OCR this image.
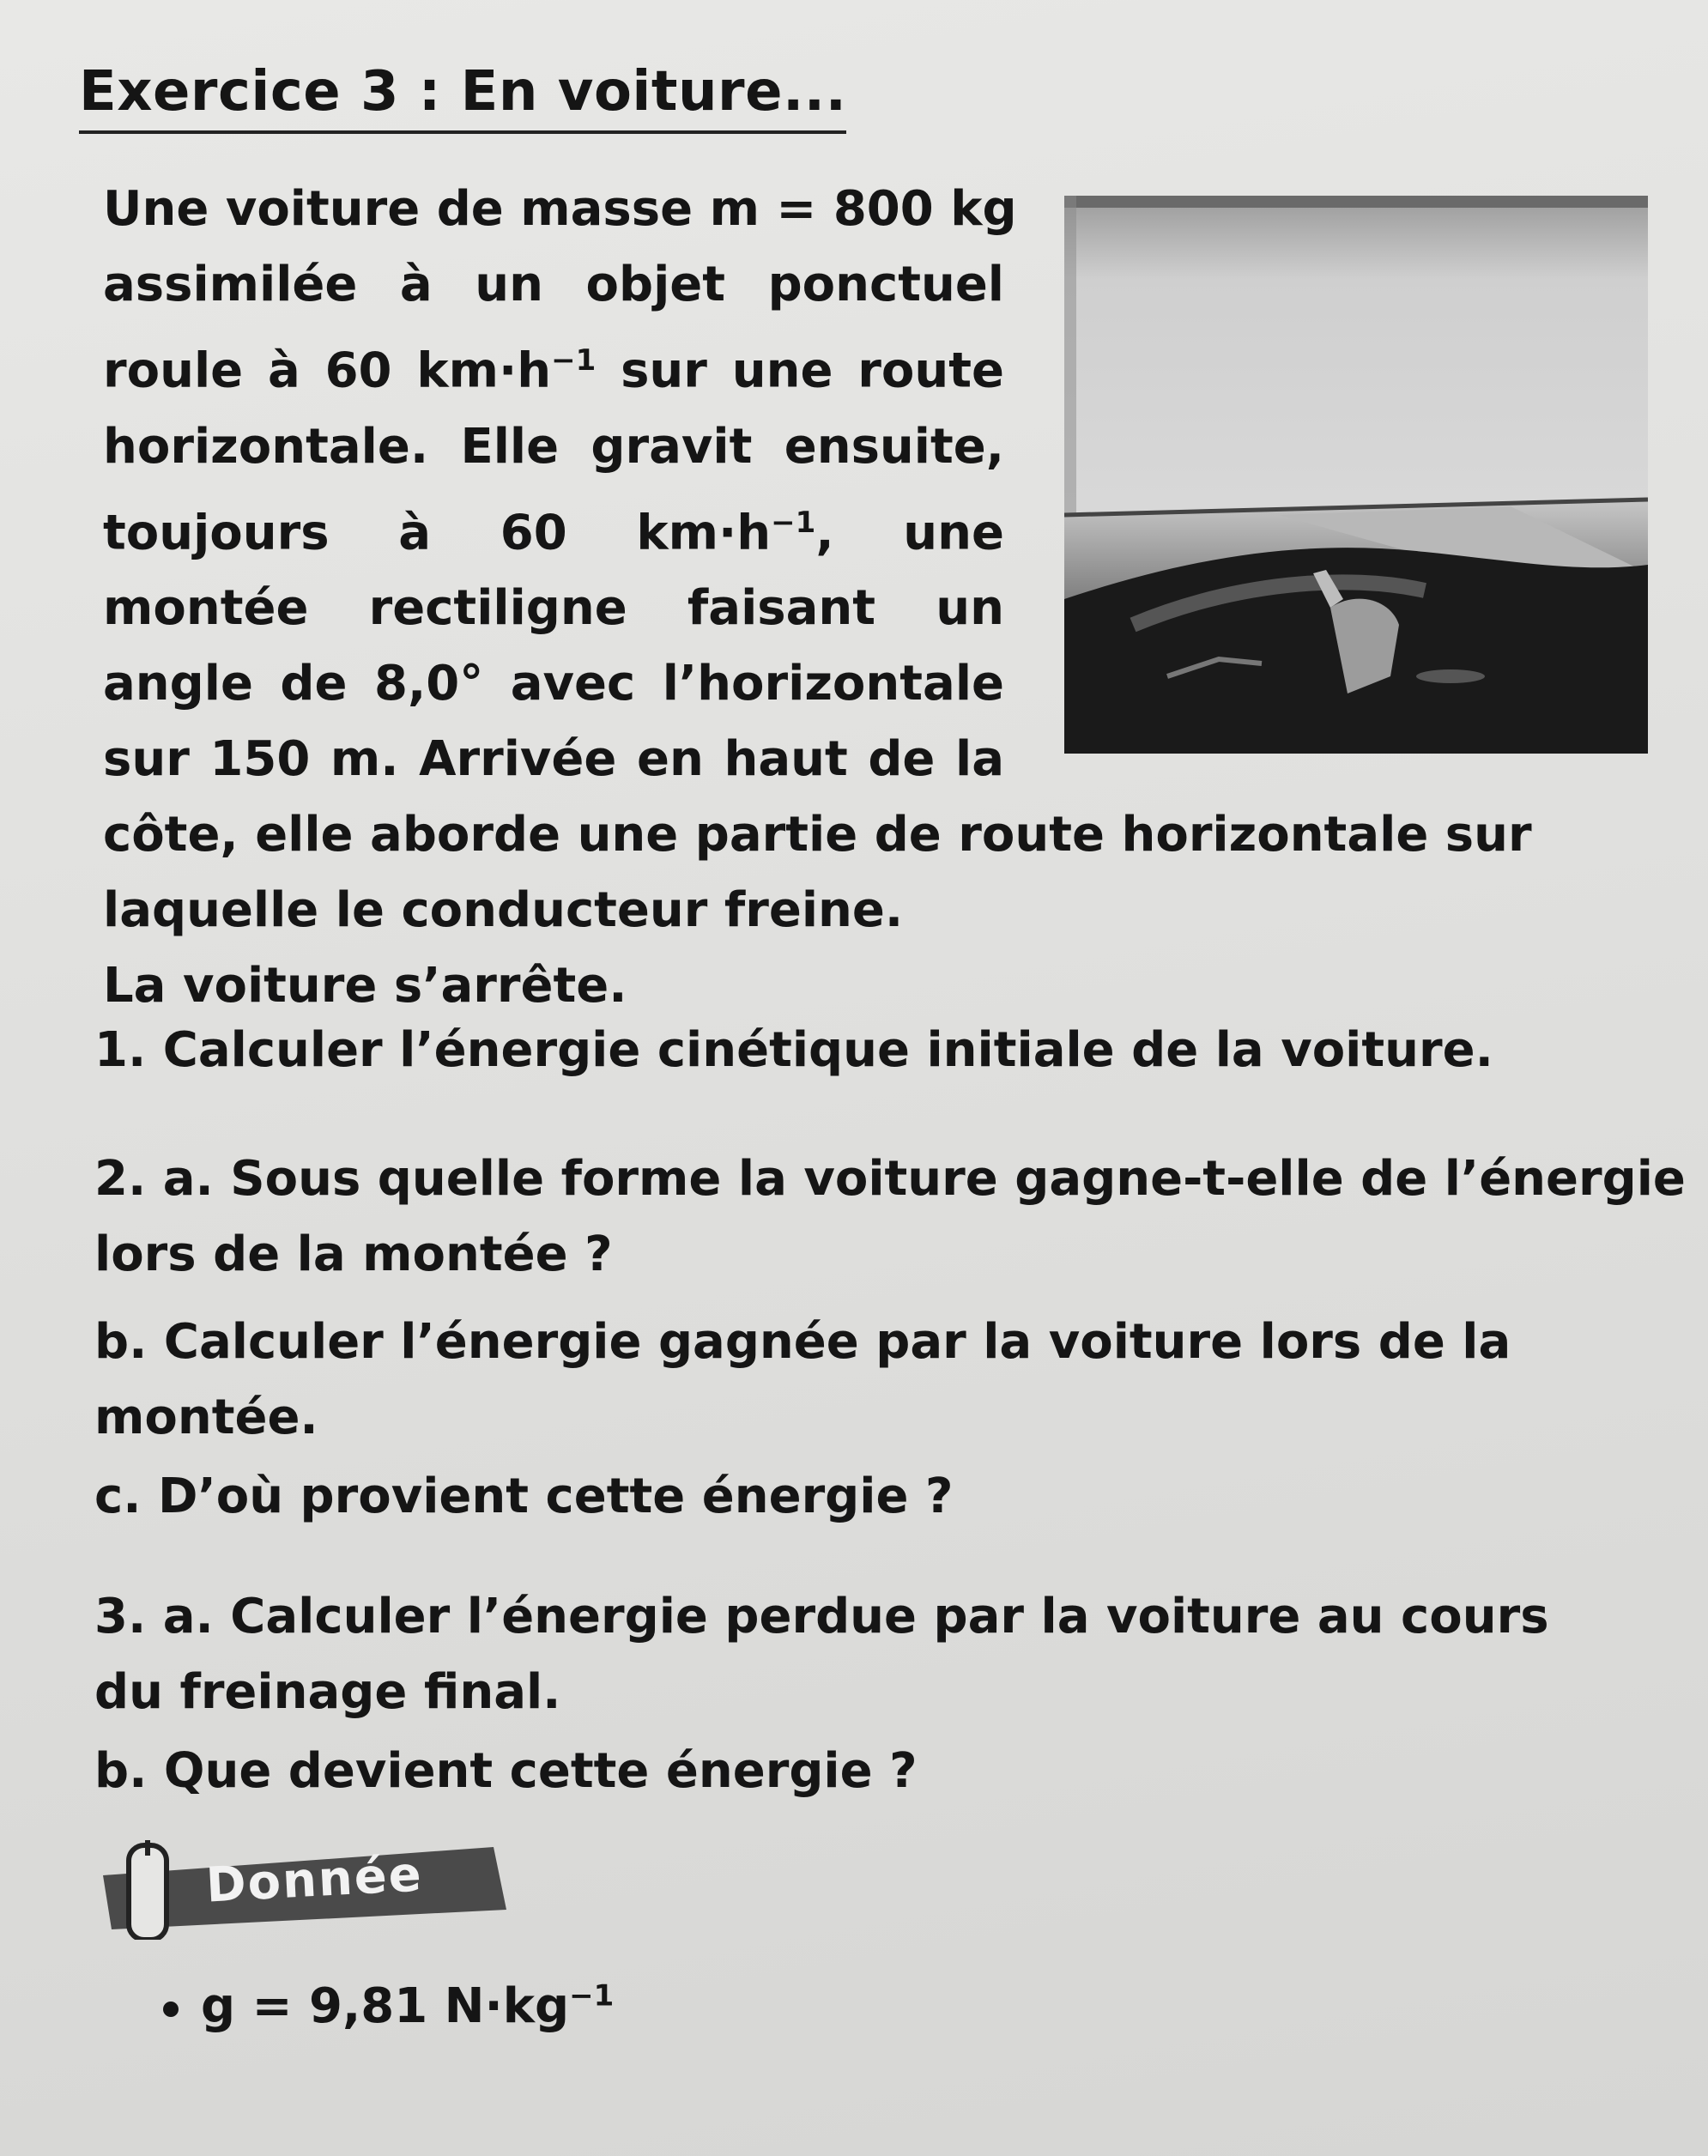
Exercice 3 : En voiture...
Une voiture de masse m = 800 kg
assimilée à un objet ponctuel
roule à 60 $km\cdot h^{-1}$ sur une route
horizontale. Elle gravit ensuite,
toujours à 60 $km\cdot h^{-1}$, une
montée rectiligne faisant un
angle de 8,0° avec l’horizontale
sur 150 m. Arrivée en haut de la
côte, elle aborde une partie de route horizontale sur
laquelle le conducteur freine.
La voiture s’arrête.
1. Calculer l’énergie cinétique initiale de la voiture.
2. a. Sous quelle forme la voiture gagne-t-elle de l’énergie
lors de la montée ?
b. Calculer l’énergie gagnée par la voiture lors de la
montée.
c. D’où provient cette énergie ?
3. a. Calculer l’énergie perdue par la voiture au cours
du freinage final.
b. Que devient cette énergie ?
Donnée
g = 9,81 $N\cdot kg^{-1}$
